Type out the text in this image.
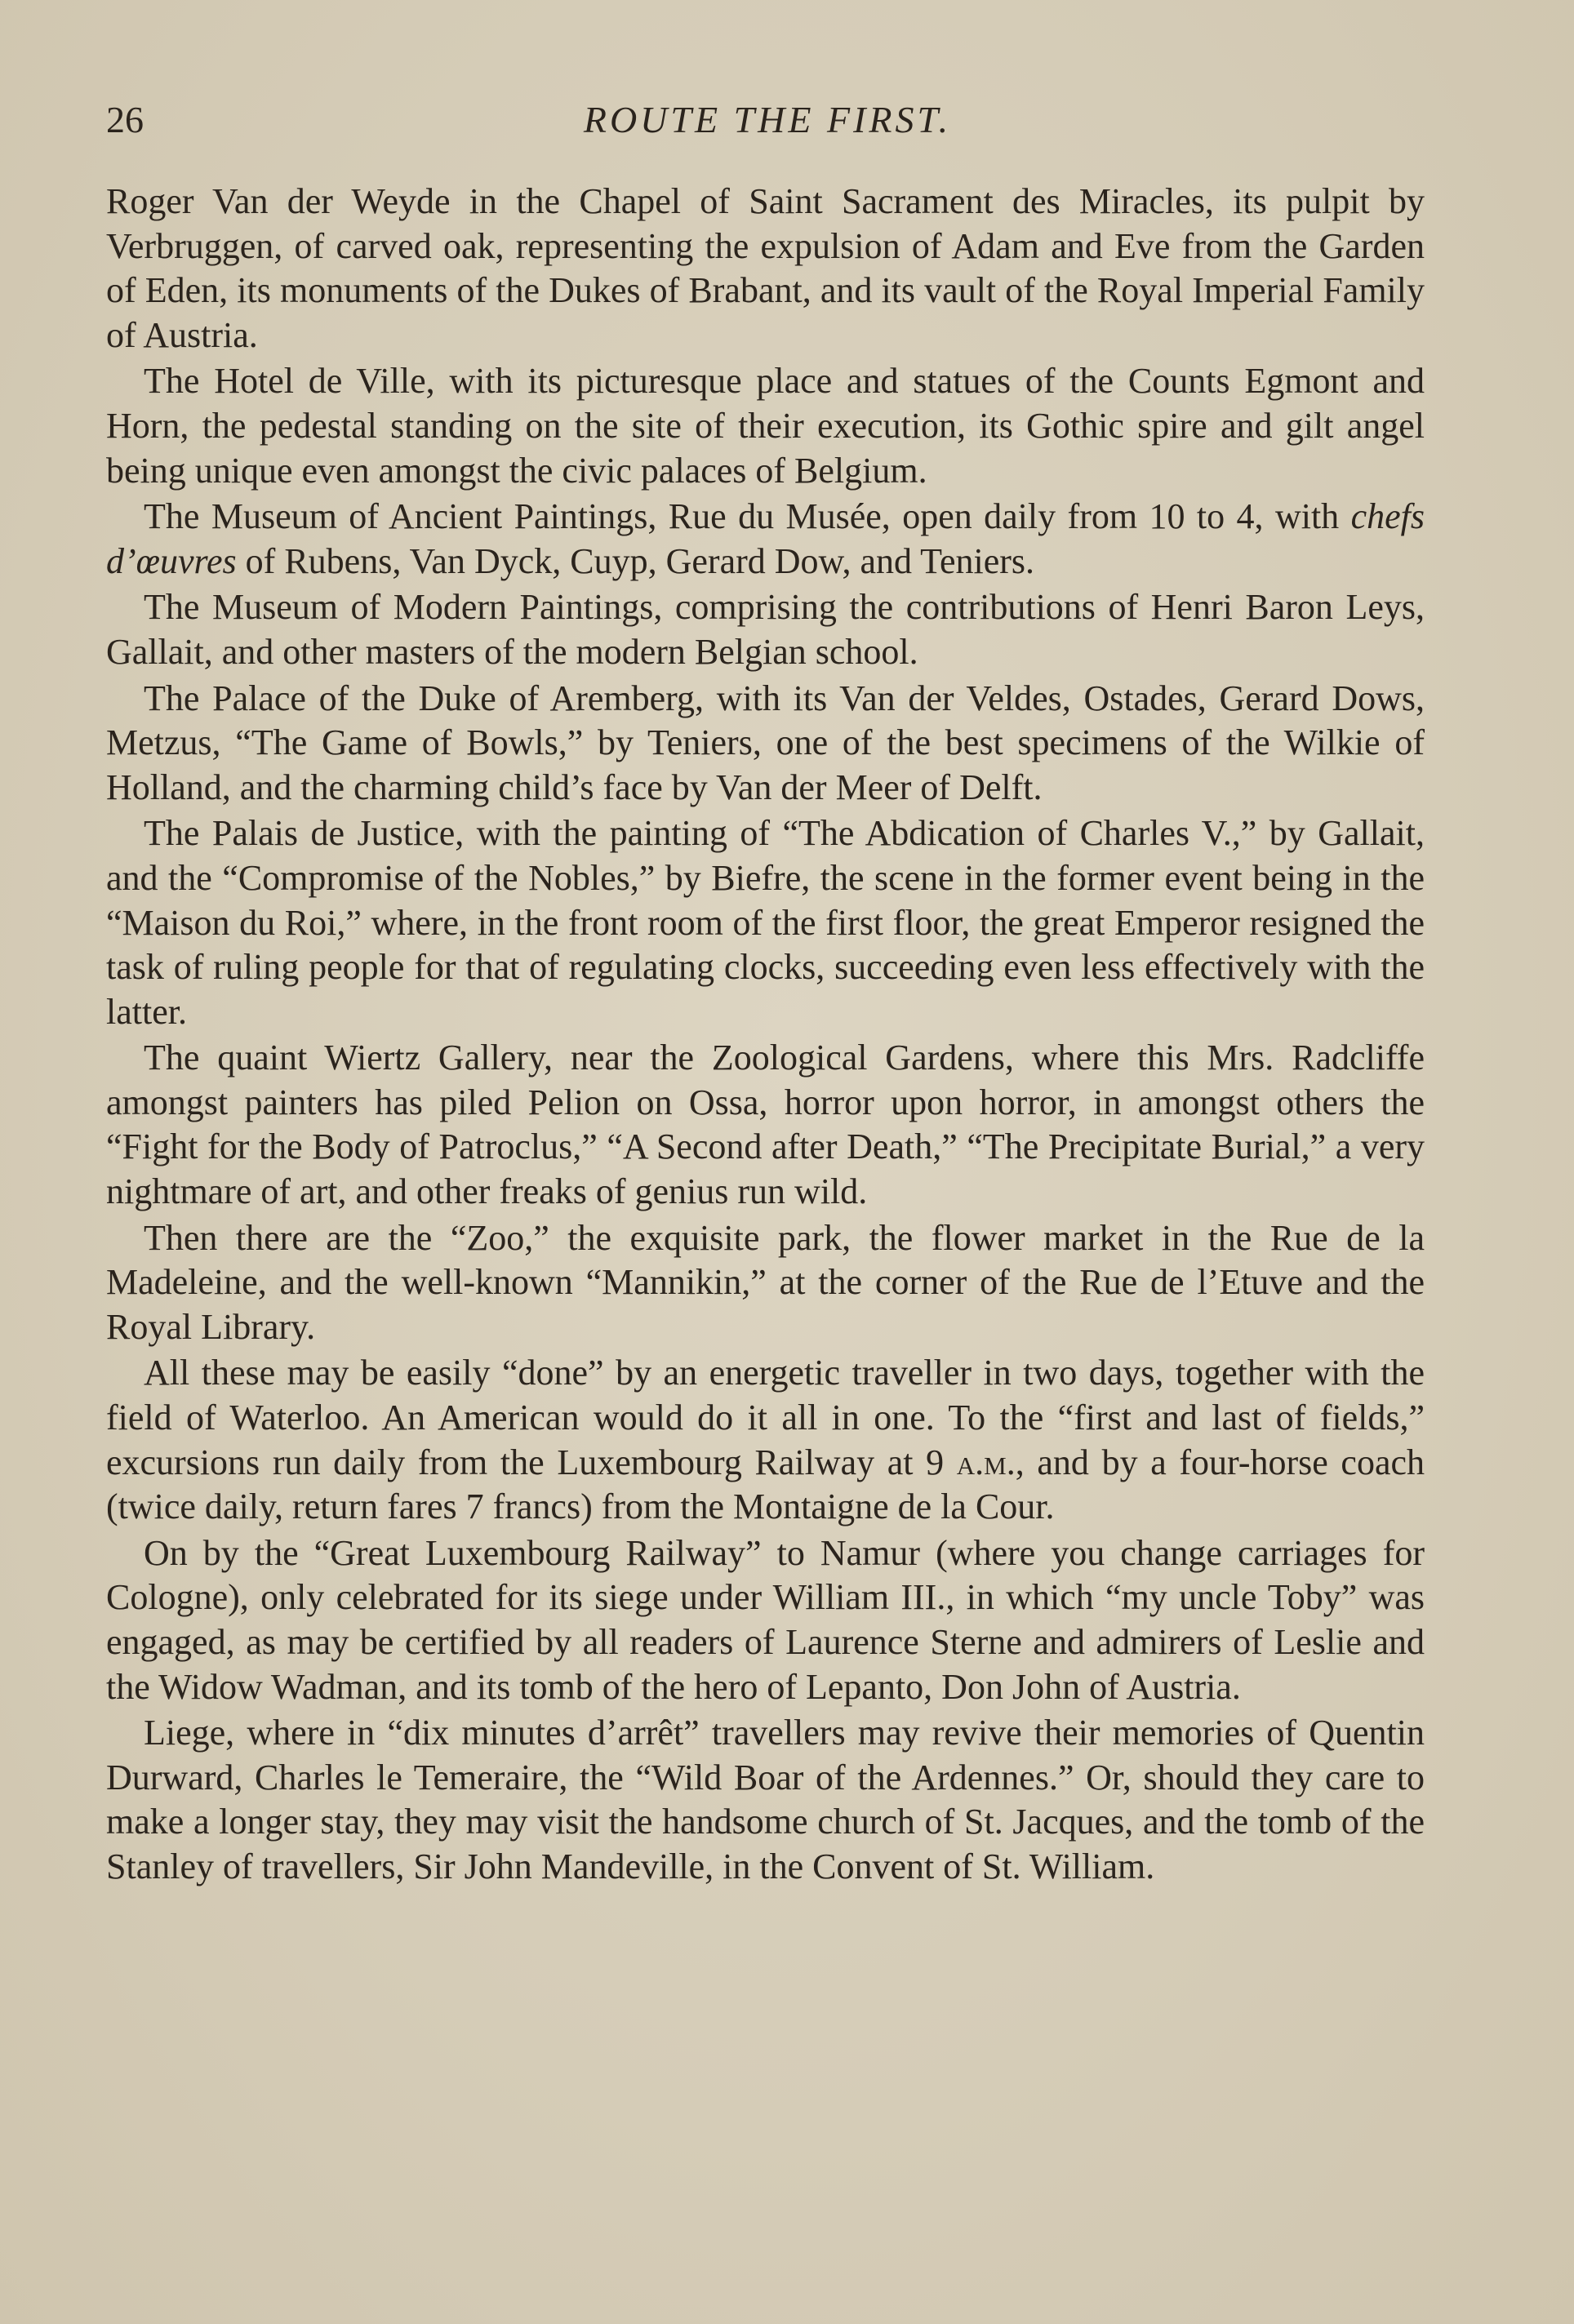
26	ROUTE THE FIRST.

Roger Van der Weyde in the Chapel of Saint Sacrament des Miracles, its pulpit by Verbruggen, of carved oak, representing the expulsion of Adam and Eve from the Garden of Eden, its monuments of the Dukes of Brabant, and its vault of the Royal Imperial Family of Austria.

The Hotel de Ville, with its picturesque place and statues of the Counts Egmont and Horn, the pedestal standing on the site of their execution, its Gothic spire and gilt angel being unique even amongst the civic palaces of Belgium.

The Museum of Ancient Paintings, Rue du Musée, open daily from 10 to 4, with chefs d’œuvres of Rubens, Van Dyck, Cuyp, Gerard Dow, and Teniers.

The Museum of Modern Paintings, comprising the contributions of Henri Baron Leys, Gallait, and other masters of the modern Belgian school.

The Palace of the Duke of Aremberg, with its Van der Veldes, Ostades, Gerard Dows, Metzus, “The Game of Bowls,” by Teniers, one of the best specimens of the Wilkie of Holland, and the charming child’s face by Van der Meer of Delft.

The Palais de Justice, with the painting of “The Abdication of Charles V.,” by Gallait, and the “Compromise of the Nobles,” by Biefre, the scene in the former event being in the “Maison du Roi,” where, in the front room of the first floor, the great Emperor resigned the task of ruling people for that of regulating clocks, succeeding even less effectively with the latter.

The quaint Wiertz Gallery, near the Zoological Gardens, where this Mrs. Radcliffe amongst painters has piled Pelion on Ossa, horror upon horror, in amongst others the “Fight for the Body of Patroclus,” “A Second after Death,” “The Precipitate Burial,” a very nightmare of art, and other freaks of genius run wild.

Then there are the “Zoo,” the exquisite park, the flower market in the Rue de la Madeleine, and the well-known “Mannikin,” at the corner of the Rue de l’Etuve and the Royal Library.

All these may be easily “done” by an energetic traveller in two days, together with the field of Waterloo. An American would do it all in one. To the “first and last of fields,” excursions run daily from the Luxembourg Railway at 9 a.m., and by a four-horse coach (twice daily, return fares 7 francs) from the Montaigne de la Cour.

On by the “Great Luxembourg Railway” to Namur (where you change carriages for Cologne), only celebrated for its siege under William III., in which “my uncle Toby” was engaged, as may be certified by all readers of Laurence Sterne and admirers of Leslie and the Widow Wadman, and its tomb of the hero of Lepanto, Don John of Austria.

Liege, where in “dix minutes d’arrêt” travellers may revive their memories of Quentin Durward, Charles le Temeraire, the “Wild Boar of the Ardennes.” Or, should they care to make a longer stay, they may visit the handsome church of St. Jacques, and the tomb of the Stanley of travellers, Sir John Mandeville, in the Convent of St. William.
